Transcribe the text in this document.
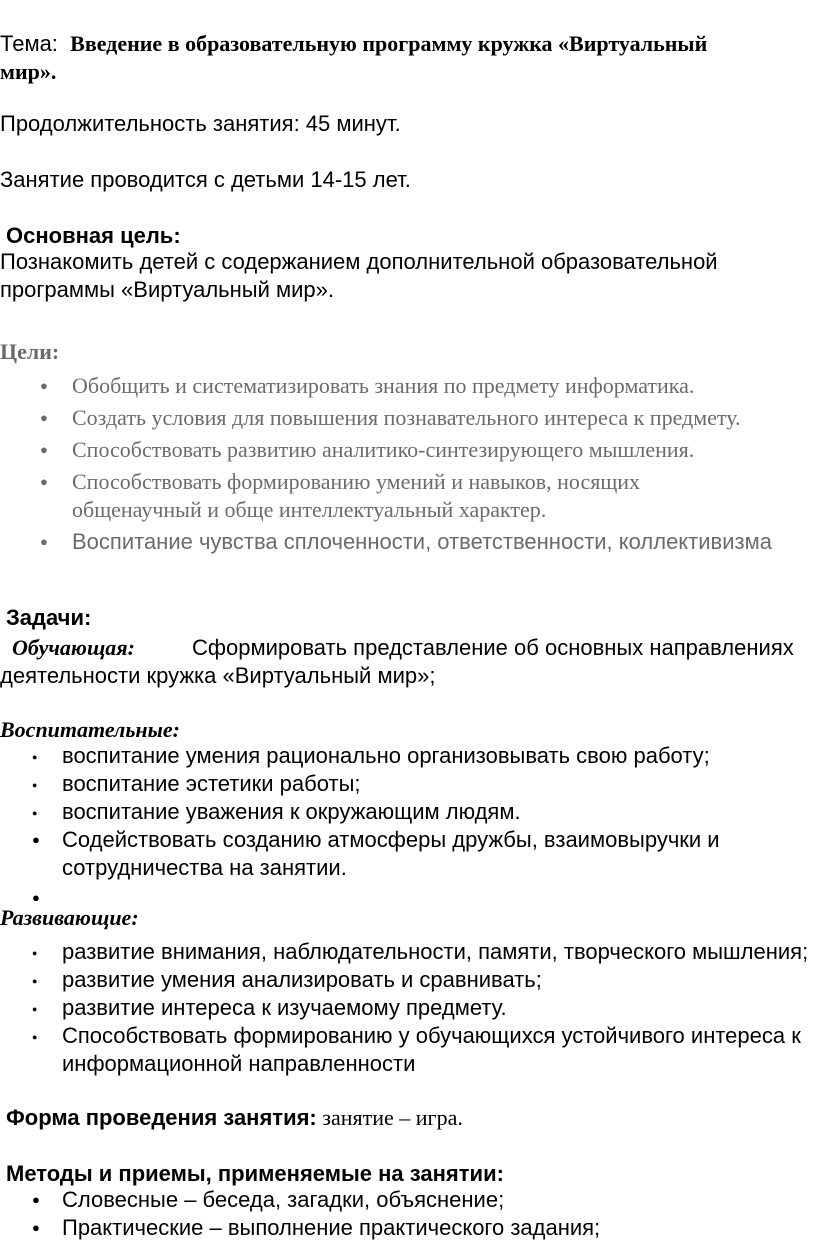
Тема: Введение в образовательную программу кружка «Виртуальный
мир».
Продолжительность занятия: 45 минут.
Занятие проводится с детьми 14-15 лет.
Основная цель:
Познакомить детей с содержанием дополнительной образовательной
программы «Виртуальный мир».
Цели:
●
Обобщить и систематизировать знания по предмету информатика.
●
Создать условия для повышения познавательного интереса к предмету.
●
Способствовать развитию аналитико-синтезирующего мышления.
●
Способствовать формированию умений и навыков, носящих
общенаучный и обще интеллектуальный характер.
●
Воспитание чувства сплоченности, ответственности, коллективизма
Задачи:
Обучающая:	Сформировать представление об основных направлениях
деятельности кружка «Виртуальный мир»;
Воспитательные:
●
воспитание умения рационально организовывать свою работу;
●
воспитание эстетики работы;
●
воспитание уважения к окружающим людям.
●
Содействовать созданию атмосферы дружбы, взаимовыручки и
сотрудничества на занятии.
●
Развивающие:
●
развитие внимания, наблюдательности, памяти, творческого мышления;
●
развитие умения анализировать и сравнивать;
●
развитие интереса к изучаемому предмету.
●
Способствовать формированию у обучающихся устойчивого интереса к
информационной направленности
Форма проведения занятия: занятие – игра.
Методы и приемы, применяемые на занятии:
●
Словесные – беседа, загадки, объяснение;
●
Практические – выполнение практического задания;
